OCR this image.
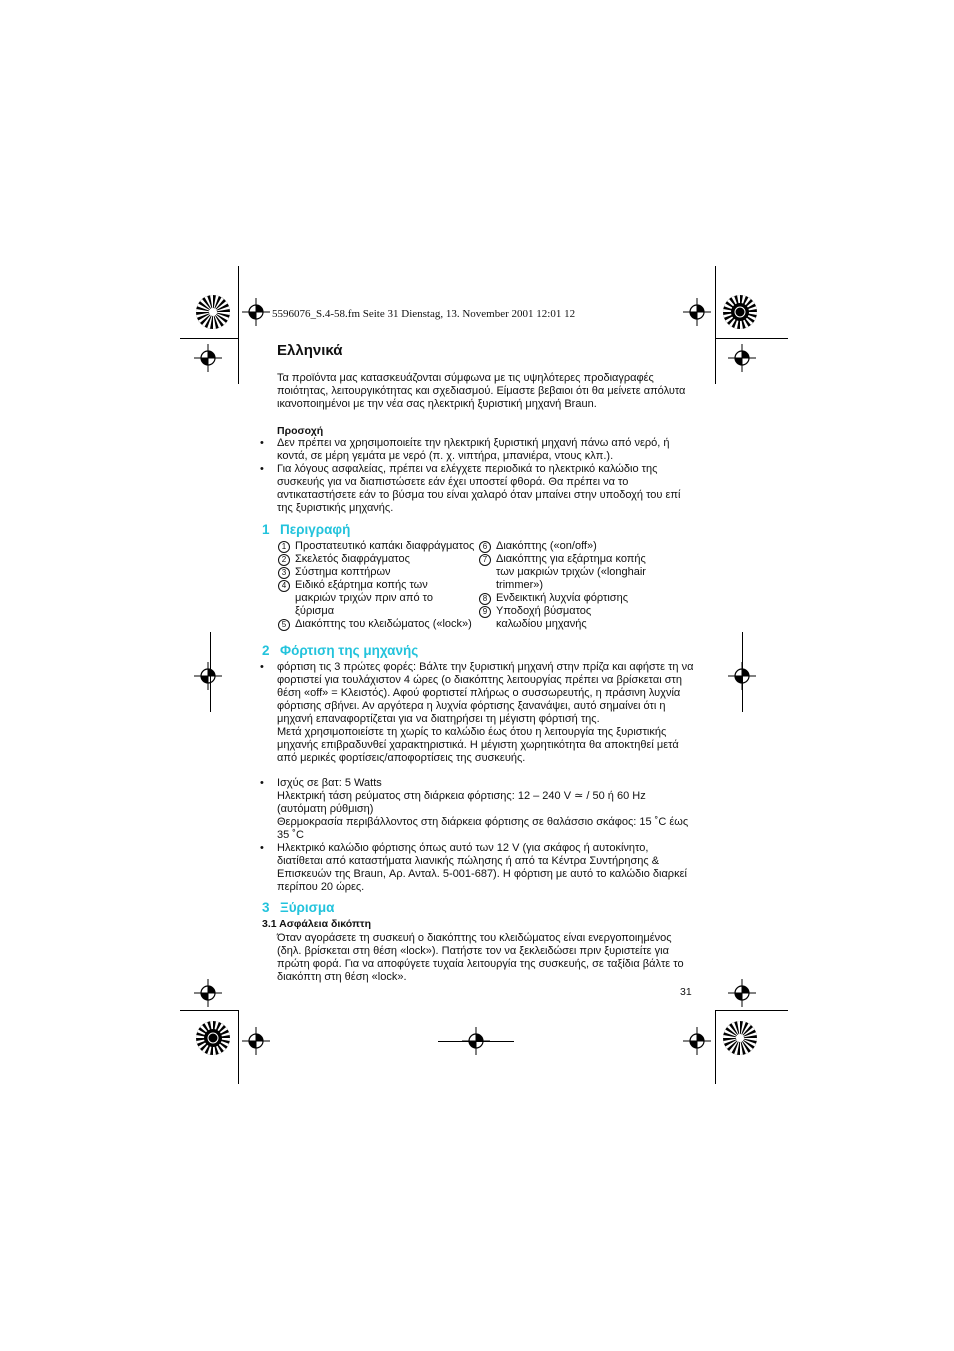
5596076_S.4-58.fm Seite 31 Dienstag, 13. November 2001 12:01 12
Ελληνικά
Τα προϊόντα μας κατασκευάζονται σύμφωνα με τις υψηλότερες προδιαγραφές ποιότητας, λειτουργικότητας και σχεδιασμού. Είμαστε βεβαιοι ότι θα μείνετε απόλυτα ικανοποιημένοι με την νέα σας ηλεκτρική ξυριστική μηχανή Braun.
Προσοχή
• Δεν πρέπει να χρησιμοποιείτε την ηλεκτρική ξυριστική μηχανή πάνω από νερό, ή κοντά, σε μέρη γεμάτα με νερό (π. χ. νιπτήρα, μπανιέρα, ντους κλπ.).
• Για λόγους ασφαλείας, πρέπει να ελέγχετε περιοδικά το ηλεκτρικό καλώδιο της συσκευής για να διαπιστώσετε εάν έχει υποστεί φθορά. Θα πρέπει να το αντικαταστήσετε εάν το βύσμα του είναι χαλαρό όταν μπαίνει στην υποδοχή του επί της ξυριστικής μηχανής.
1 Περιγραφή
1 Προστατευτικό καπάκι διαφράγματος
2 Σκελετός διαφράγματος
3 Σύστημα κοπτήρων
4 Ειδικό εξάρτημα κοπής των μακριών τριχών πριν από το ξύρισμα
5 Διακόπτης του κλειδώματος («lock»)
6 Διακόπτης («on/off»)
7 Διακόπτης για εξάρτημα κοπής των μακριών τριχών («longhair trimmer»)
8 Ενδεικτική λυχνία φόρτισης
9 Υποδοχή βύσματος καλωδίου μηχανής
2 Φόρτιση της μηχανής
• φόρτιση τις 3 πρώτες φορές: Βάλτε την ξυριστική μηχανή στην πρίζα και αφήστε τη να φορτιστεί για τουλάχιστον 4 ώρες (ο διακόπτης λειτουργίας πρέπει να βρίσκεται στη θέση «off» = Κλειστός). Αφού φορτιστεί πλήρως ο συσσωρευτής, η πράσινη λυχνία φόρτισης σβήνει. Αν αργότερα η λυχνία φόρτισης ξανανάψει, αυτό σημαίνει ότι η μηχανή επαναφορτίζεται για να διατηρήσει τη μέγιστη φόρτισή της.
Μετά χρησιμοποιείστε τη χωρίς το καλώδιο έως ότου η λειτουργία της ξυριστικής μηχανής επιβραδυνθεί χαρακτηριστικά. Η μέγιστη χωρητικότητα θα αποκτηθεί μετά από μερικές φορτίσεις/αποφορτίσεις της συσκευής.
• Ισχύς σε βατ: 5 Watts
Ηλεκτρική τάση ρεύματος στη διάρκεια φόρτισης: 12 – 240 V ≃ / 50 ή 60 Hz (αυτόματη ρύθμιση)
Θερμοκρασία περιβάλλοντος στη διάρκεια φόρτισης σε θαλάσσιο σκάφος: 15 ˚C έως 35 ˚C
• Ηλεκτρικό καλώδιο φόρτισης όπως αυτό των 12 V (για σκάφος ή αυτοκίνητο, διατίθεται από καταστήματα λιανικής πώλησης ή από τα Κέντρα Συντήρησης & Επισκευών της Braun, Αρ. Ανταλ. 5-001-687). Η φόρτιση με αυτό το καλώδιο διαρκεί περίπου 20 ώρες.
3 Ξύρισμα
3.1 Ασφάλεια δικόπτη
Όταν αγοράσετε τη συσκευή ο διακόπτης του κλειδώματος είναι ενεργοποιημένος (δηλ. βρίσκεται στη θέση «lock»). Πατήστε τον να ξεκλειδώσει πριν ξυριστείτε για πρώτη φορά. Για να αποφύγετε τυχαία λειτουργία της συσκευής, σε ταξίδια βάλτε το διακόπτη στη θέση «lock».
31
